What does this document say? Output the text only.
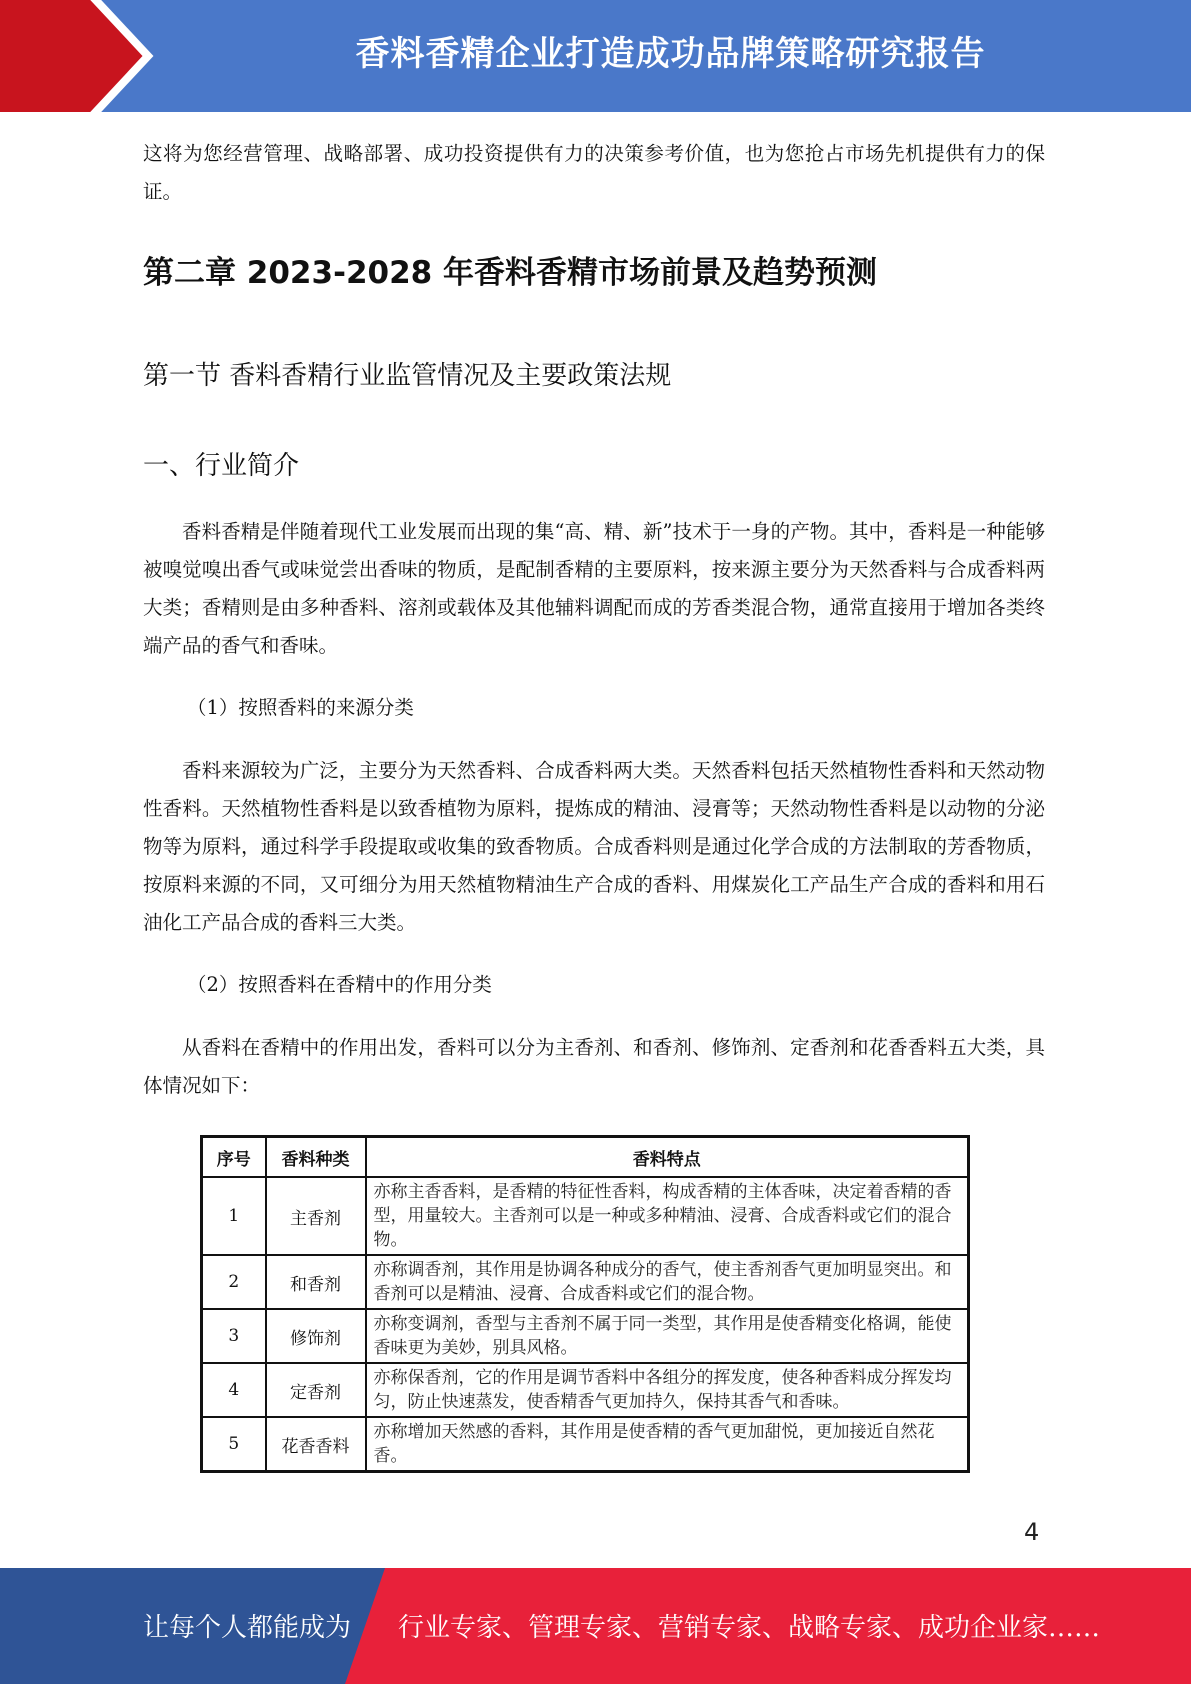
香料香精企业打造成功品牌策略研究报告

这将为您经营管理、战略部署、成功投资提供有力的决策参考价值，也为您抢占市场先机提供有力的保证。

第二章 2023-2028 年香料香精市场前景及趋势预测
第一节 香料香精行业监管情况及主要政策法规
一、行业简介

香料香精是伴随着现代工业发展而出现的集“高、精、新”技术于一身的产物。其中，香料是一种能够被嗅觉嗅出香气或味觉尝出香味的物质，是配制香精的主要原料，按来源主要分为天然香料与合成香料两大类；香精则是由多种香料、溶剂或载体及其他辅料调配而成的芳香类混合物，通常直接用于增加各类终端产品的香气和香味。

（1）按照香料的来源分类

香料来源较为广泛，主要分为天然香料、合成香料两大类。天然香料包括天然植物性香料和天然动物性香料。天然植物性香料是以致香植物为原料，提炼成的精油、浸膏等；天然动物性香料是以动物的分泌物等为原料，通过科学手段提取或收集的致香物质。合成香料则是通过化学合成的方法制取的芳香物质，按原料来源的不同，又可细分为用天然植物精油生产合成的香料、用煤炭化工产品生产合成的香料和用石油化工产品合成的香料三大类。

（2）按照香料在香精中的作用分类

从香料在香精中的作用出发，香料可以分为主香剂、和香剂、修饰剂、定香剂和花香香料五大类，具体情况如下：

序号	香料种类	香料特点
1	主香剂	亦称主香香料，是香精的特征性香料，构成香精的主体香味，决定着香精的香型，用量较大。主香剂可以是一种或多种精油、浸膏、合成香料或它们的混合物。
2	和香剂	亦称调香剂，其作用是协调各种成分的香气，使主香剂香气更加明显突出。和香剂可以是精油、浸膏、合成香料或它们的混合物。
3	修饰剂	亦称变调剂，香型与主香剂不属于同一类型，其作用是使香精变化格调，能使香味更为美妙，别具风格。
4	定香剂	亦称保香剂，它的作用是调节香料中各组分的挥发度，使各种香料成分挥发均匀，防止快速蒸发，使香精香气更加持久，保持其香气和香味。
5	花香香料	亦称增加天然感的香料，其作用是使香精的香气更加甜悦，更加接近自然花香。
4
让每个人都能成为 行业专家、管理专家、营销专家、战略专家、成功企业家……
